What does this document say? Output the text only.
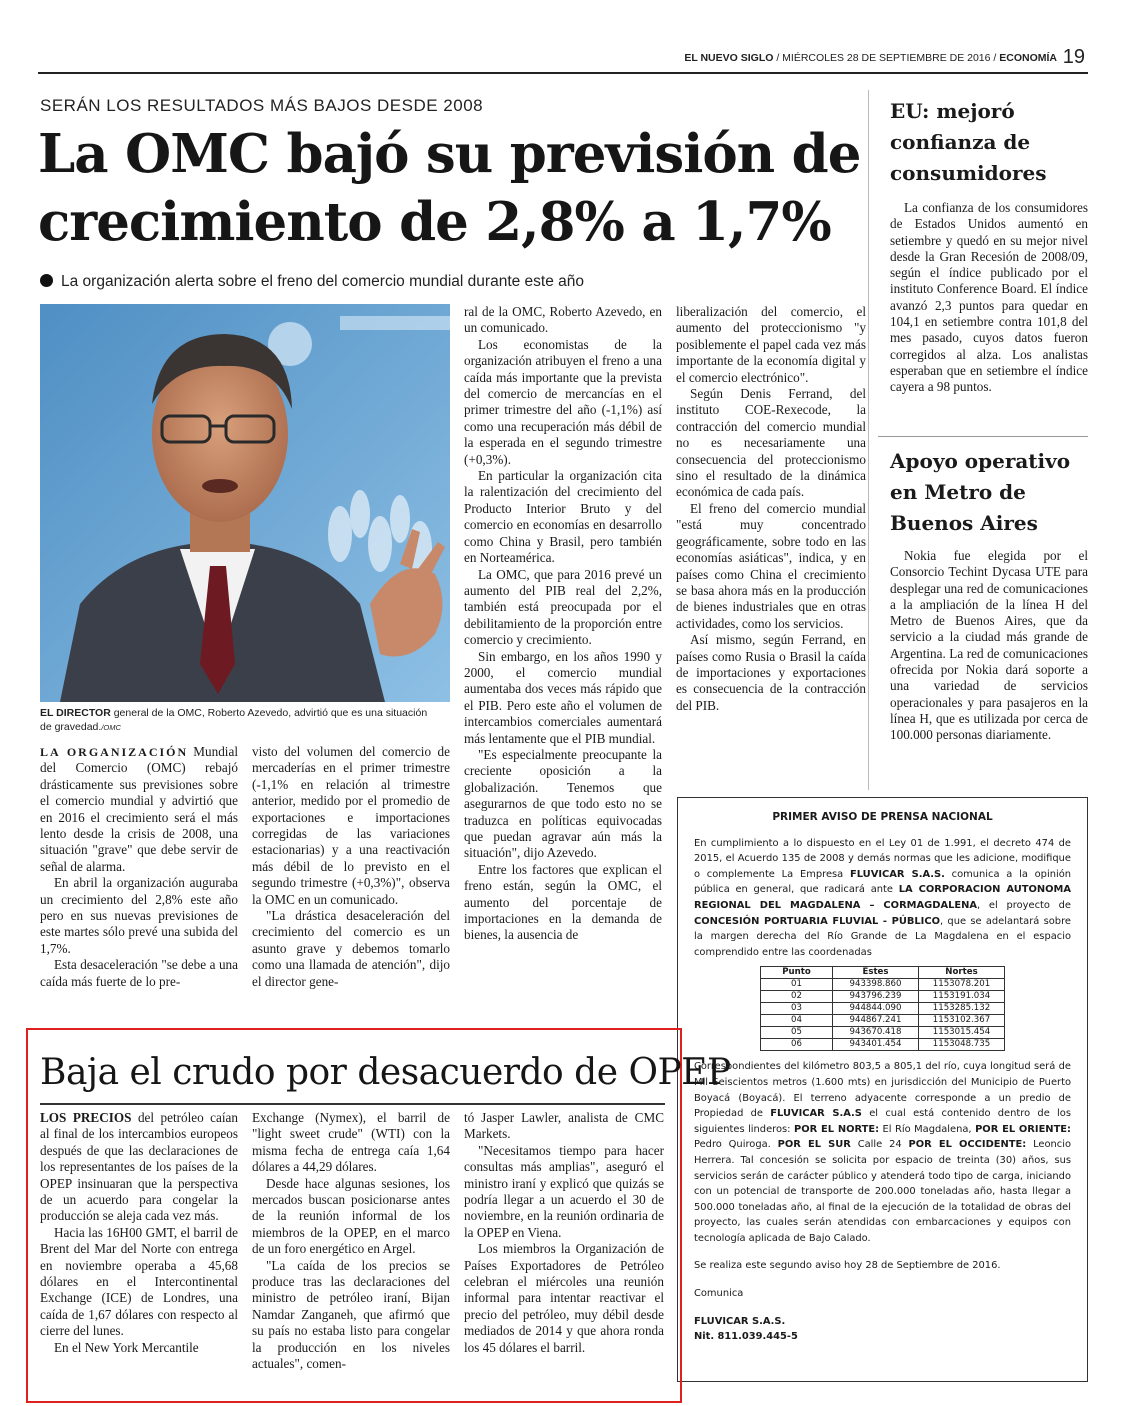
EL NUEVO SIGLO / MIÉRCOLES 28 DE SEPTIEMBRE DE 2016 / ECONOMÍA 19
SERÁN LOS RESULTADOS MÁS BAJOS DESDE 2008
La OMC bajó su previsión de crecimiento de 2,8% a 1,7%
La organización alerta sobre el freno del comercio mundial durante este año
EL DIRECTOR general de la OMC, Roberto Azevedo, advirtió que es una situación de gravedad./OMC

LA ORGANIZACIÓN Mundial del Comercio (OMC) rebajó drásticamente sus previsiones sobre el comercio mundial y advirtió que en 2016 el crecimiento será el más lento desde la crisis de 2008, una situación "grave" que debe servir de señal de alarma.

En abril la organización auguraba un crecimiento del 2,8% este año pero en sus nuevas previsiones de este martes sólo prevé una subida del 1,7%.

Esta desaceleración "se debe a una caída más fuerte de lo pre-

visto del volumen del comercio de mercaderías en el primer trimestre (-1,1% en relación al trimestre anterior, medido por el promedio de exportaciones e importaciones corregidas de las variaciones estacionarias) y a una reactivación más débil de lo previsto en el segundo trimestre (+0,3%)", observa la OMC en un comunicado.

"La drástica desaceleración del crecimiento del comercio es un asunto grave y debemos tomarlo como una llamada de atención", dijo el director gene-

ral de la OMC, Roberto Azevedo, en un comunicado.

Los economistas de la organización atribuyen el freno a una caída más importante que la prevista del comercio de mercancías en el primer trimestre del año (-1,1%) así como una recuperación más débil de la esperada en el segundo trimestre (+0,3%).

En particular la organización cita la ralentización del crecimiento del Producto Interior Bruto y del comercio en economías en desarrollo como China y Brasil, pero también en Norteamérica.

La OMC, que para 2016 prevé un aumento del PIB real del 2,2%, también está preocupada por el debilitamiento de la proporción entre comercio y crecimiento.

Sin embargo, en los años 1990 y 2000, el comercio mundial aumentaba dos veces más rápido que el PIB. Pero este año el volumen de intercambios comerciales aumentará más lentamente que el PIB mundial.

"Es especialmente preocupante la creciente oposición a la globalización. Tenemos que asegurarnos de que todo esto no se traduzca en políticas equivocadas que puedan agravar aún más la situación", dijo Azevedo.

Entre los factores que explican el freno están, según la OMC, el aumento del porcentaje de importaciones en la demanda de bienes, la ausencia de

liberalización del comercio, el aumento del proteccionismo "y posiblemente el papel cada vez más importante de la economía digital y el comercio electrónico".

Según Denis Ferrand, del instituto COE-Rexecode, la contracción del comercio mundial no es necesariamente una consecuencia del proteccionismo sino el resultado de la dinámica económica de cada país.

El freno del comercio mundial "está muy concentrado geográficamente, sobre todo en las economías asiáticas", indica, y en países como China el crecimiento se basa ahora más en la producción de bienes industriales que en otras actividades, como los servicios.

Así mismo, según Ferrand, en países como Rusia o Brasil la caída de importaciones y exportaciones es consecuencia de la contracción del PIB.

EU: mejoró confianza de consumidores

La confianza de los consumidores de Estados Unidos aumentó en setiembre y quedó en su mejor nivel desde la Gran Recesión de 2008/09, según el índice publicado por el instituto Conference Board. El índice avanzó 2,3 puntos para quedar en 104,1 en setiembre contra 101,8 del mes pasado, cuyos datos fueron corregidos al alza. Los analistas esperaban que en setiembre el índice cayera a 98 puntos.

Apoyo operativo en Metro de Buenos Aires

Nokia fue elegida por el Consorcio Techint Dycasa UTE para desplegar una red de comunicaciones a la ampliación de la línea H del Metro de Buenos Aires, que da servicio a la ciudad más grande de Argentina. La red de comunicaciones ofrecida por Nokia dará soporte a una variedad de servicios operacionales y para pasajeros en la línea H, que es utilizada por cerca de 100.000 personas diariamente.

PRIMER AVISO DE PRENSA NACIONAL
En cumplimiento a lo dispuesto en el Ley 01 de 1.991, el decreto 474 de 2015, el Acuerdo 135 de 2008 y demás normas que les adicione, modifique o complemente La Empresa FLUVICAR S.A.S. comunica a la opinión pública en general, que radicará ante LA CORPORACION AUTONOMA REGIONAL DEL MAGDALENA – CORMAGDALENA, el proyecto de CONCESIÓN PORTUARIA FLUVIAL - PÚBLICO, que se adelantará sobre la margen derecha del Río Grande de La Magdalena en el espacio comprendido entre las coordenadas
Punto	Estes	Nortes
01	943398.860	1153078.201
02	943796.239	1153191.034
03	944844.090	1153285.132
04	944867.241	1153102.367
05	943670.418	1153015.454
06	943401.454	1153048.735
Correspondientes del kilómetro 803,5 a 805,1 del río, cuya longitud será de Mil Seiscientos metros (1.600 mts) en jurisdicción del Municipio de Puerto Boyacá (Boyacá). El terreno adyacente corresponde a un predio de Propiedad de FLUVICAR S.A.S el cual está contenido dentro de los siguientes linderos: POR EL NORTE: El Río Magdalena, POR EL ORIENTE: Pedro Quiroga. POR EL SUR Calle 24 POR EL OCCIDENTE: Leoncio Herrera. Tal concesión se solicita por espacio de treinta (30) años, sus servicios serán de carácter público y atenderá todo tipo de carga, iniciando con un potencial de transporte de 200.000 toneladas año, hasta llegar a 500.000 toneladas año, al final de la ejecución de la totalidad de obras del proyecto, las cuales serán atendidas con embarcaciones y equipos con tecnología aplicada de Bajo Calado.
Se realiza este segundo aviso hoy 28 de Septiembre de 2016.
Comunica
FLUVICAR S.A.S.
Nit. 811.039.445-5
Baja el crudo por desacuerdo de OPEP

LOS PRECIOS del petróleo caían al final de los intercambios europeos después de que las declaraciones de los representantes de los países de la OPEP insinuaran que la perspectiva de un acuerdo para congelar la producción se aleja cada vez más.

Hacia las 16H00 GMT, el barril de Brent del Mar del Norte con entrega en noviembre operaba a 45,68 dólares en el Intercontinental Exchange (ICE) de Londres, una caída de 1,67 dólares con respecto al cierre del lunes.

En el New York Mercantile

Exchange (Nymex), el barril de "light sweet crude" (WTI) con la misma fecha de entrega caía 1,64 dólares a 44,29 dólares.

Desde hace algunas sesiones, los mercados buscan posicionarse antes de la reunión informal de los miembros de la OPEP, en el marco de un foro energético en Argel.

"La caída de los precios se produce tras las declaraciones del ministro de petróleo iraní, Bijan Namdar Zanganeh, que afirmó que su país no estaba listo para congelar la producción en los niveles actuales", comen-

tó Jasper Lawler, analista de CMC Markets.

"Necesitamos tiempo para hacer consultas más amplias", aseguró el ministro iraní y explicó que quizás se podría llegar a un acuerdo el 30 de noviembre, en la reunión ordinaria de la OPEP en Viena.

Los miembros la Organización de Países Exportadores de Petróleo celebran el miércoles una reunión informal para intentar reactivar el precio del petróleo, muy débil desde mediados de 2014 y que ahora ronda los 45 dólares el barril.
